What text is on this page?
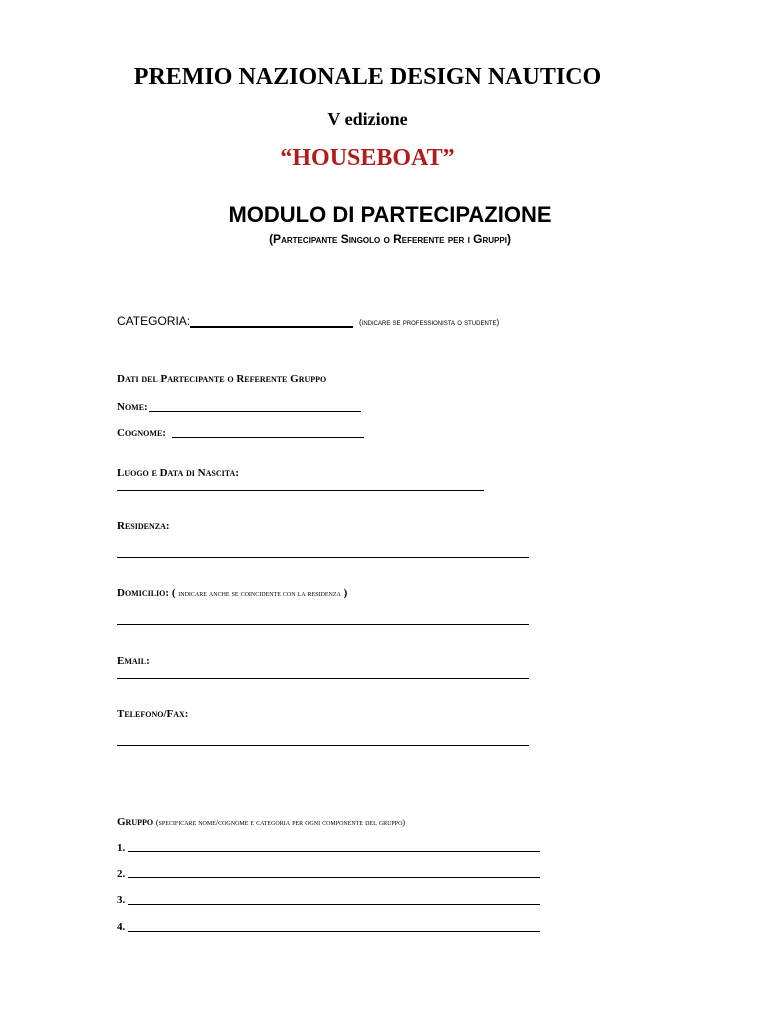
PREMIO NAZIONALE DESIGN NAUTICO
V edizione
“HOUSEBOAT”
MODULO DI PARTECIPAZIONE
(Partecipante Singolo o Referente per i Gruppi)
CATEGORIA:	(indicare se professionista o studente)
Dati del Partecipante o Referente Gruppo
Nome:
Cognome:
Luogo e Data di Nascita:
Residenza:
Domicilio: ( indicare anche se coincidente con la residenza )
Email:
Telefono/Fax:
Gruppo (specificare nome/cognome e categoria per ogni componente del gruppo)
1.
2.
3.
4.
